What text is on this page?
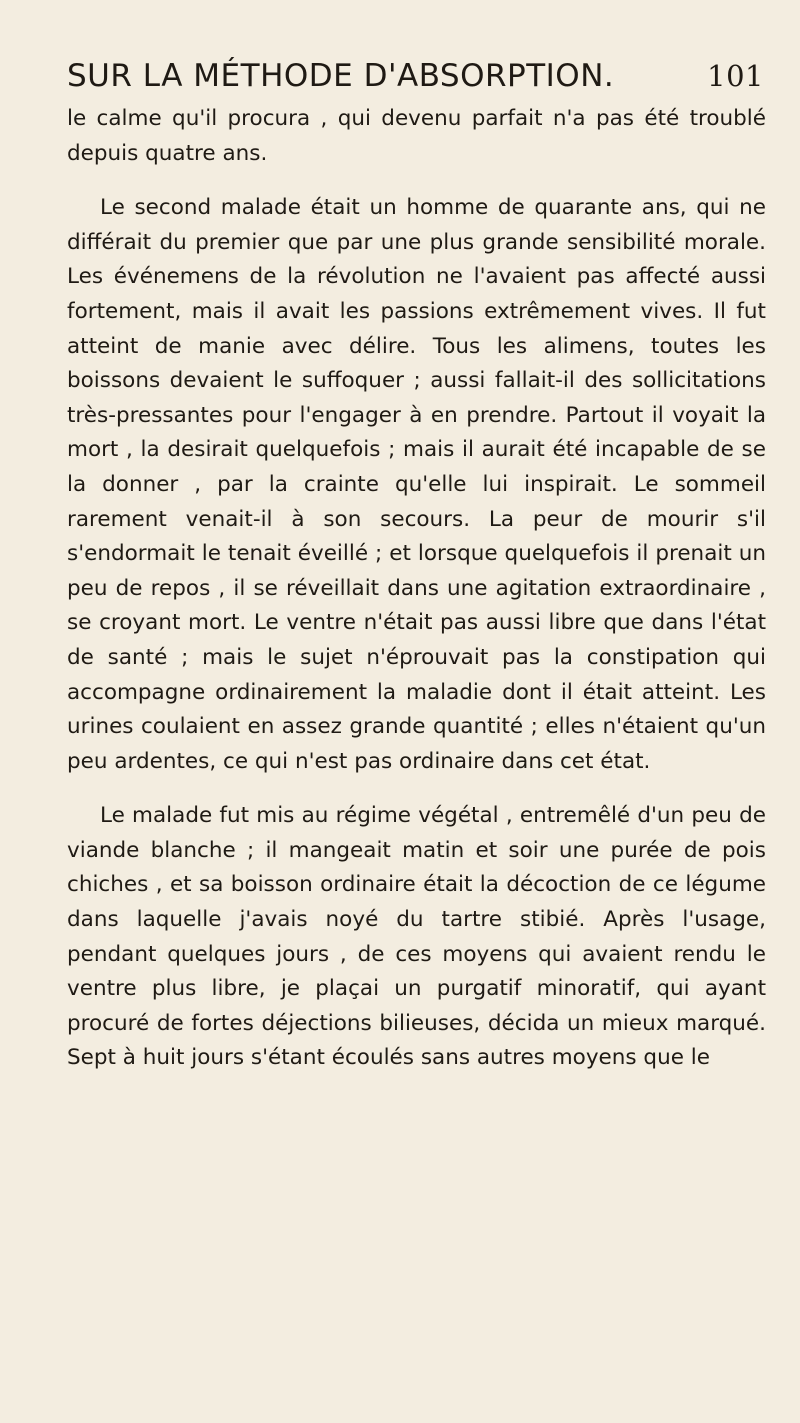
SUR LA MÉTHODE D'ABSORPTION.	101

le calme qu'il procura , qui devenu parfait n'a pas été troublé depuis quatre ans.

Le second malade était un homme de quarante ans, qui ne différait du premier que par une plus grande sensibilité morale. Les événemens de la révolution ne l'avaient pas affecté aussi fortement, mais il avait les passions extrêmement vives. Il fut atteint de manie avec délire. Tous les alimens, toutes les boissons devaient le suffoquer ; aussi fallait-il des sollicitations très-pressantes pour l'engager à en prendre. Partout il voyait la mort , la desirait quelquefois ; mais il aurait été incapable de se la donner , par la crainte qu'elle lui inspirait. Le sommeil rarement venait-il à son secours. La peur de mourir s'il s'endormait le tenait éveillé ; et lorsque quelquefois il prenait un peu de repos , il se réveillait dans une agitation extraordinaire , se croyant mort. Le ventre n'était pas aussi libre que dans l'état de santé ; mais le sujet n'éprouvait pas la constipation qui accompagne ordinairement la maladie dont il était atteint. Les urines coulaient en assez grande quantité ; elles n'étaient qu'un peu ardentes, ce qui n'est pas ordinaire dans cet état.

Le malade fut mis au régime végétal , entremêlé d'un peu de viande blanche ; il mangeait matin et soir une purée de pois chiches , et sa boisson ordinaire était la décoction de ce légume dans laquelle j'avais noyé du tartre stibié. Après l'usage, pendant quelques jours , de ces moyens qui avaient rendu le ventre plus libre, je plaçai un purgatif minoratif, qui ayant procuré de fortes déjections bilieuses, décida un mieux marqué. Sept à huit jours s'étant écoulés sans autres moyens que le
